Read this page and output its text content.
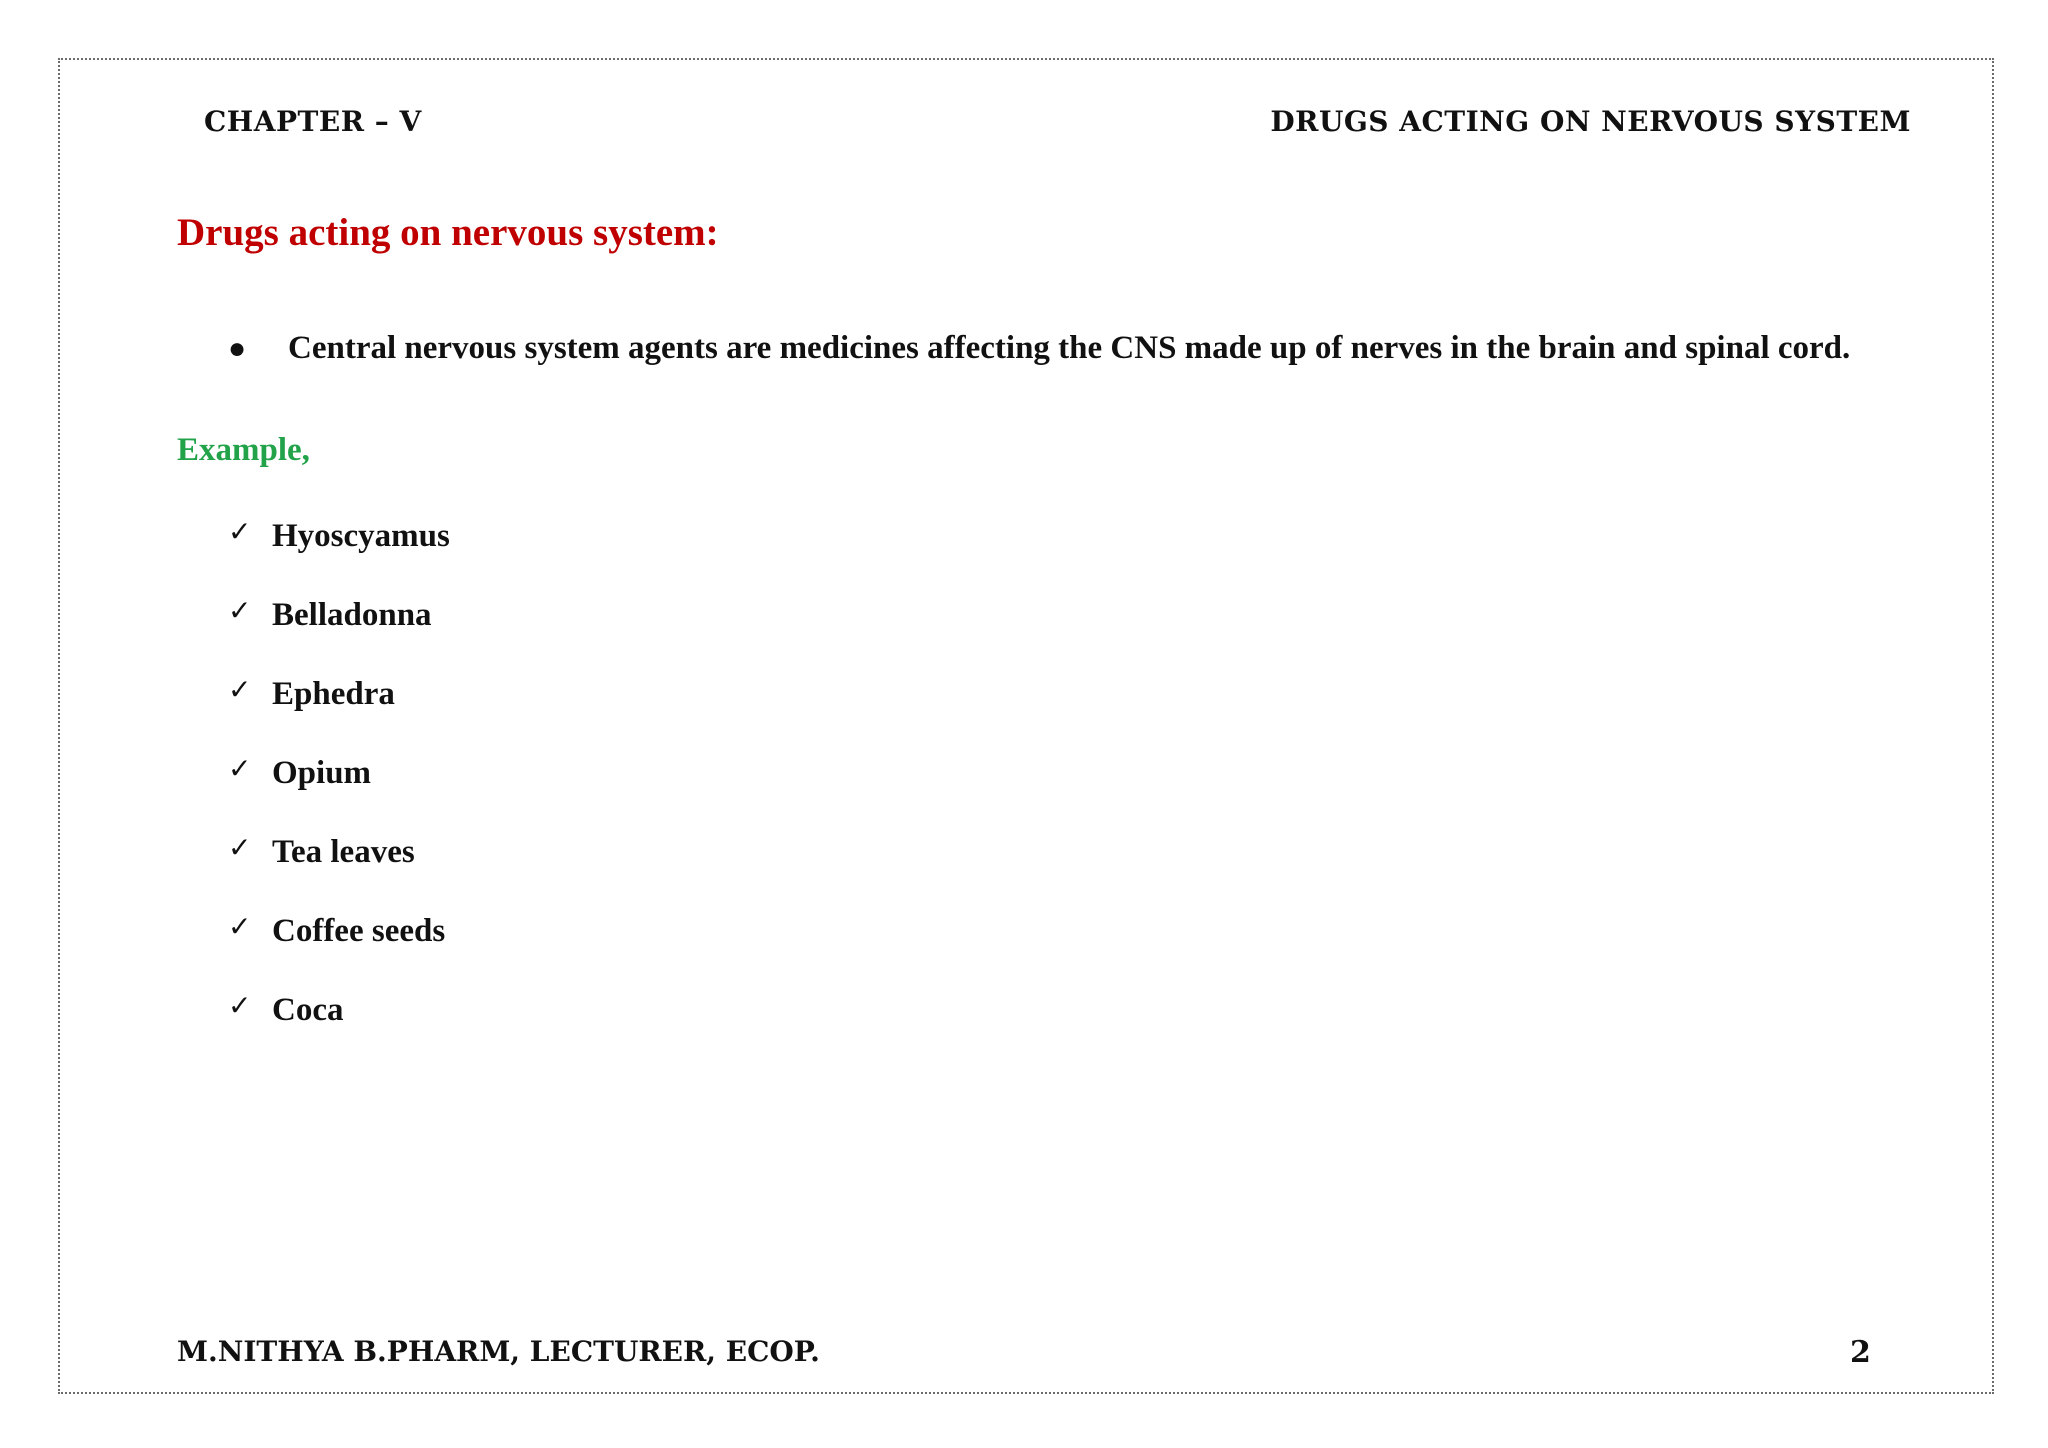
CHAPTER – V	DRUGS ACTING ON NERVOUS SYSTEM
Drugs acting on nervous system:
●	Central nervous system agents are medicines affecting the CNS made up of nerves in the brain and spinal cord.
Example,
✓ Hyoscyamus
✓ Belladonna
✓ Ephedra
✓ Opium
✓ Tea leaves
✓ Coffee seeds
✓ Coca
M.NITHYA B.PHARM, LECTURER, ECOP.	2
